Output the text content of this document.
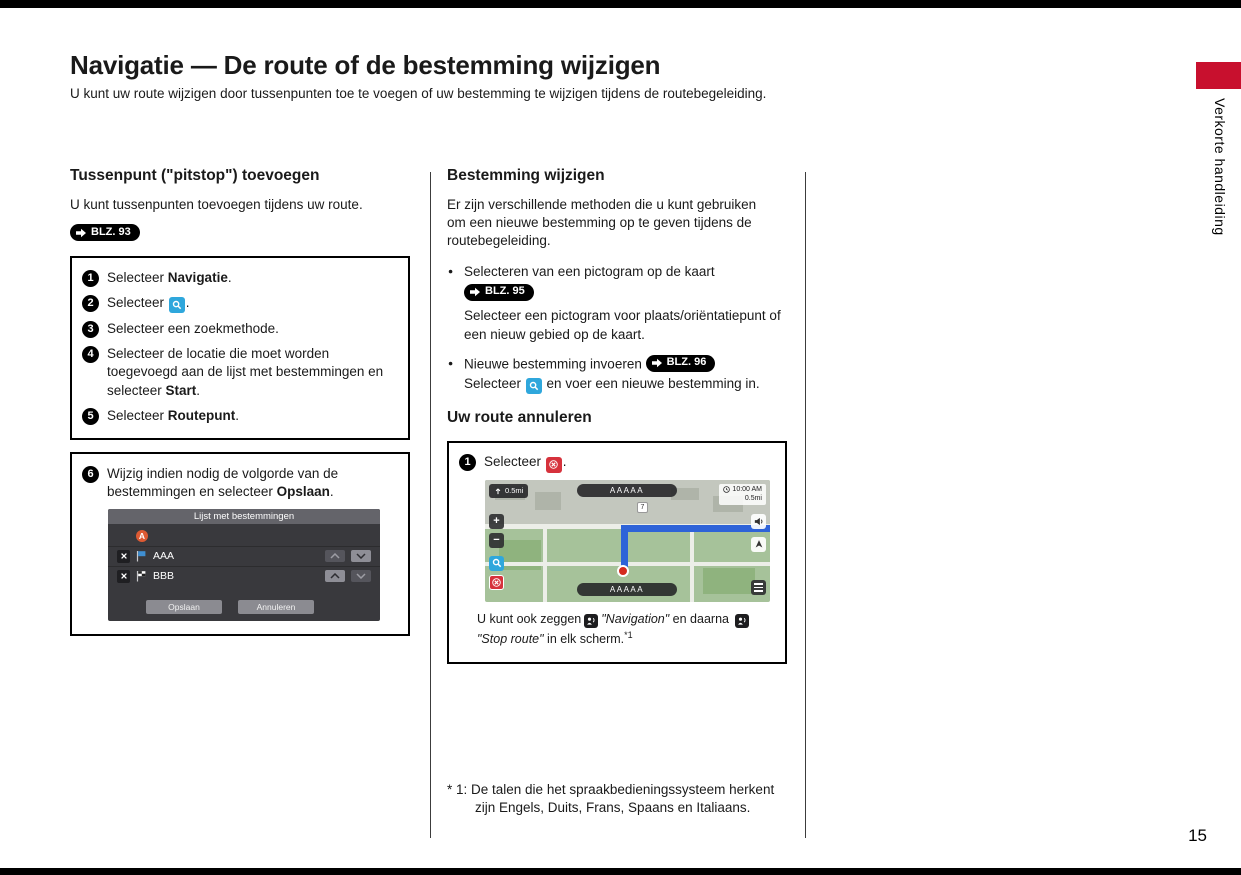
Navigatie — De route of de bestemming wijzigen
U kunt uw route wijzigen door tussenpunten toe te voegen of uw bestemming te wijzigen tijdens de routebegeleiding.
Verkorte handleiding
15
Tussenpunt ("pitstop") toevoegen

U kunt tussenpunten toevoegen tijdens uw route.

BLZ. 93
1 Selecteer Navigatie.
2 Selecteer
.
3 Selecteer een zoekmethode.
4 Selecteer de locatie die moet worden toegevoegd aan de lijst met bestemmingen en selecteer Start.
5 Selecteer Routepunt.
6 Wijzig indien nodig de volgorde van de bestemmingen en selecteer Opslaan.
Lijst met bestemmingen
A
AAA
BBB
Opslaan	Annuleren
Bestemming wijzigen

Er zijn verschillende methoden die u kunt gebruiken om een nieuwe bestemming op te geven tijdens de routebegeleiding.

● Selecteren van een pictogram op de kaart
BLZ. 95

Selecteer een pictogram voor plaats/oriëntatiepunt of een nieuw gebied op de kaart.

● Nieuwe bestemming invoeren BLZ. 96

Selecteer
en voer een nieuwe bestemming in.

Uw route annuleren
1 Selecteer
.
7
AAAAA
AAAAA
0.5mi	10:00 AM
0.5mi
+
−

U kunt ook zeggen "Navigation" en daarna
"Stop route" in elk scherm.$^{*1}$

* 1: De talen die het spraakbedieningssysteem herkent zijn Engels, Duits, Frans, Spaans en Italiaans.
